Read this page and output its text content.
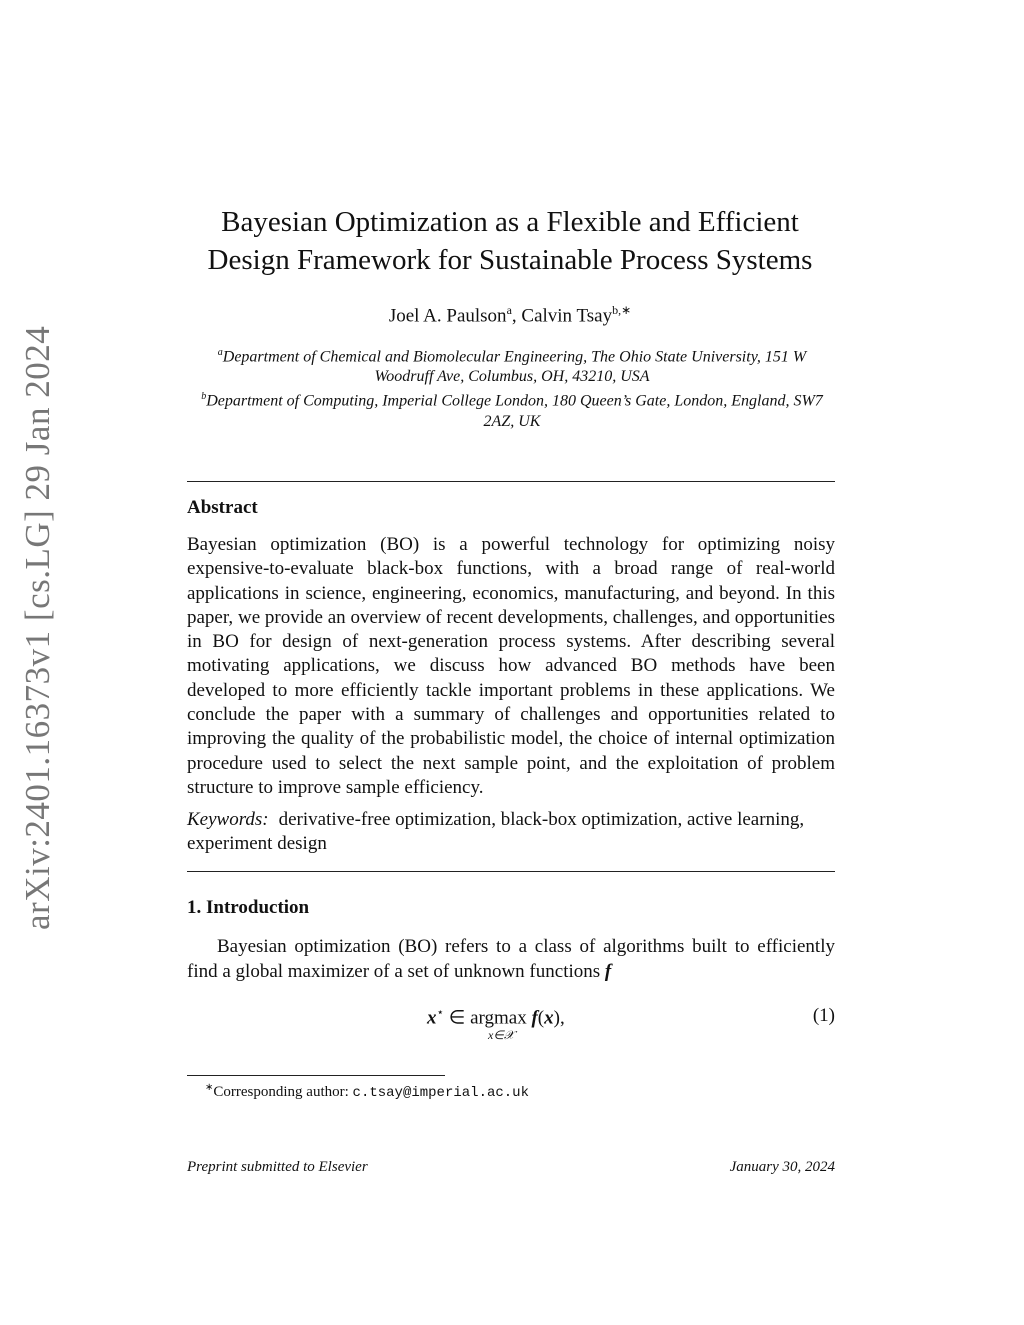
arXiv:2401.16373v1 [cs.LG] 29 Jan 2024
Bayesian Optimization as a Flexible and Efficient
Design Framework for Sustainable Process Systems
Joel A. Paulson$^a$, Calvin Tsay$^{b,∗}$
$^a$Department of Chemical and Biomolecular Engineering, The Ohio State University, 151 W Woodruff Ave, Columbus, OH, 43210, USA
$^b$Department of Computing, Imperial College London, 180 Queen’s Gate, London, England, SW7 2AZ, UK
Abstract
Bayesian optimization (BO) is a powerful technology for optimizing noisy expensive-to-evaluate black-box functions, with a broad range of real-world applications in science, engineering, economics, manufacturing, and beyond. In this paper, we provide an overview of recent developments, challenges, and opportunities in BO for design of next-generation process systems. After describing several motivating applications, we discuss how advanced BO methods have been developed to more efficiently tackle important problems in these applications. We conclude the paper with a summary of challenges and opportunities related to improving the quality of the probabilistic model, the choice of internal optimization procedure used to select the next sample point, and the exploitation of problem structure to improve sample efficiency.
Keywords: derivative-free optimization, black-box optimization, active learning, experiment design
1. Introduction
Bayesian optimization (BO) refers to a class of algorithms built to efficiently find a global maximizer of a set of unknown functions f
x⋆ ∈ argmax f(x),
x∈𝒳
(1)
∗Corresponding author: c.tsay@imperial.ac.uk
Preprint submitted to Elsevier	January 30, 2024
